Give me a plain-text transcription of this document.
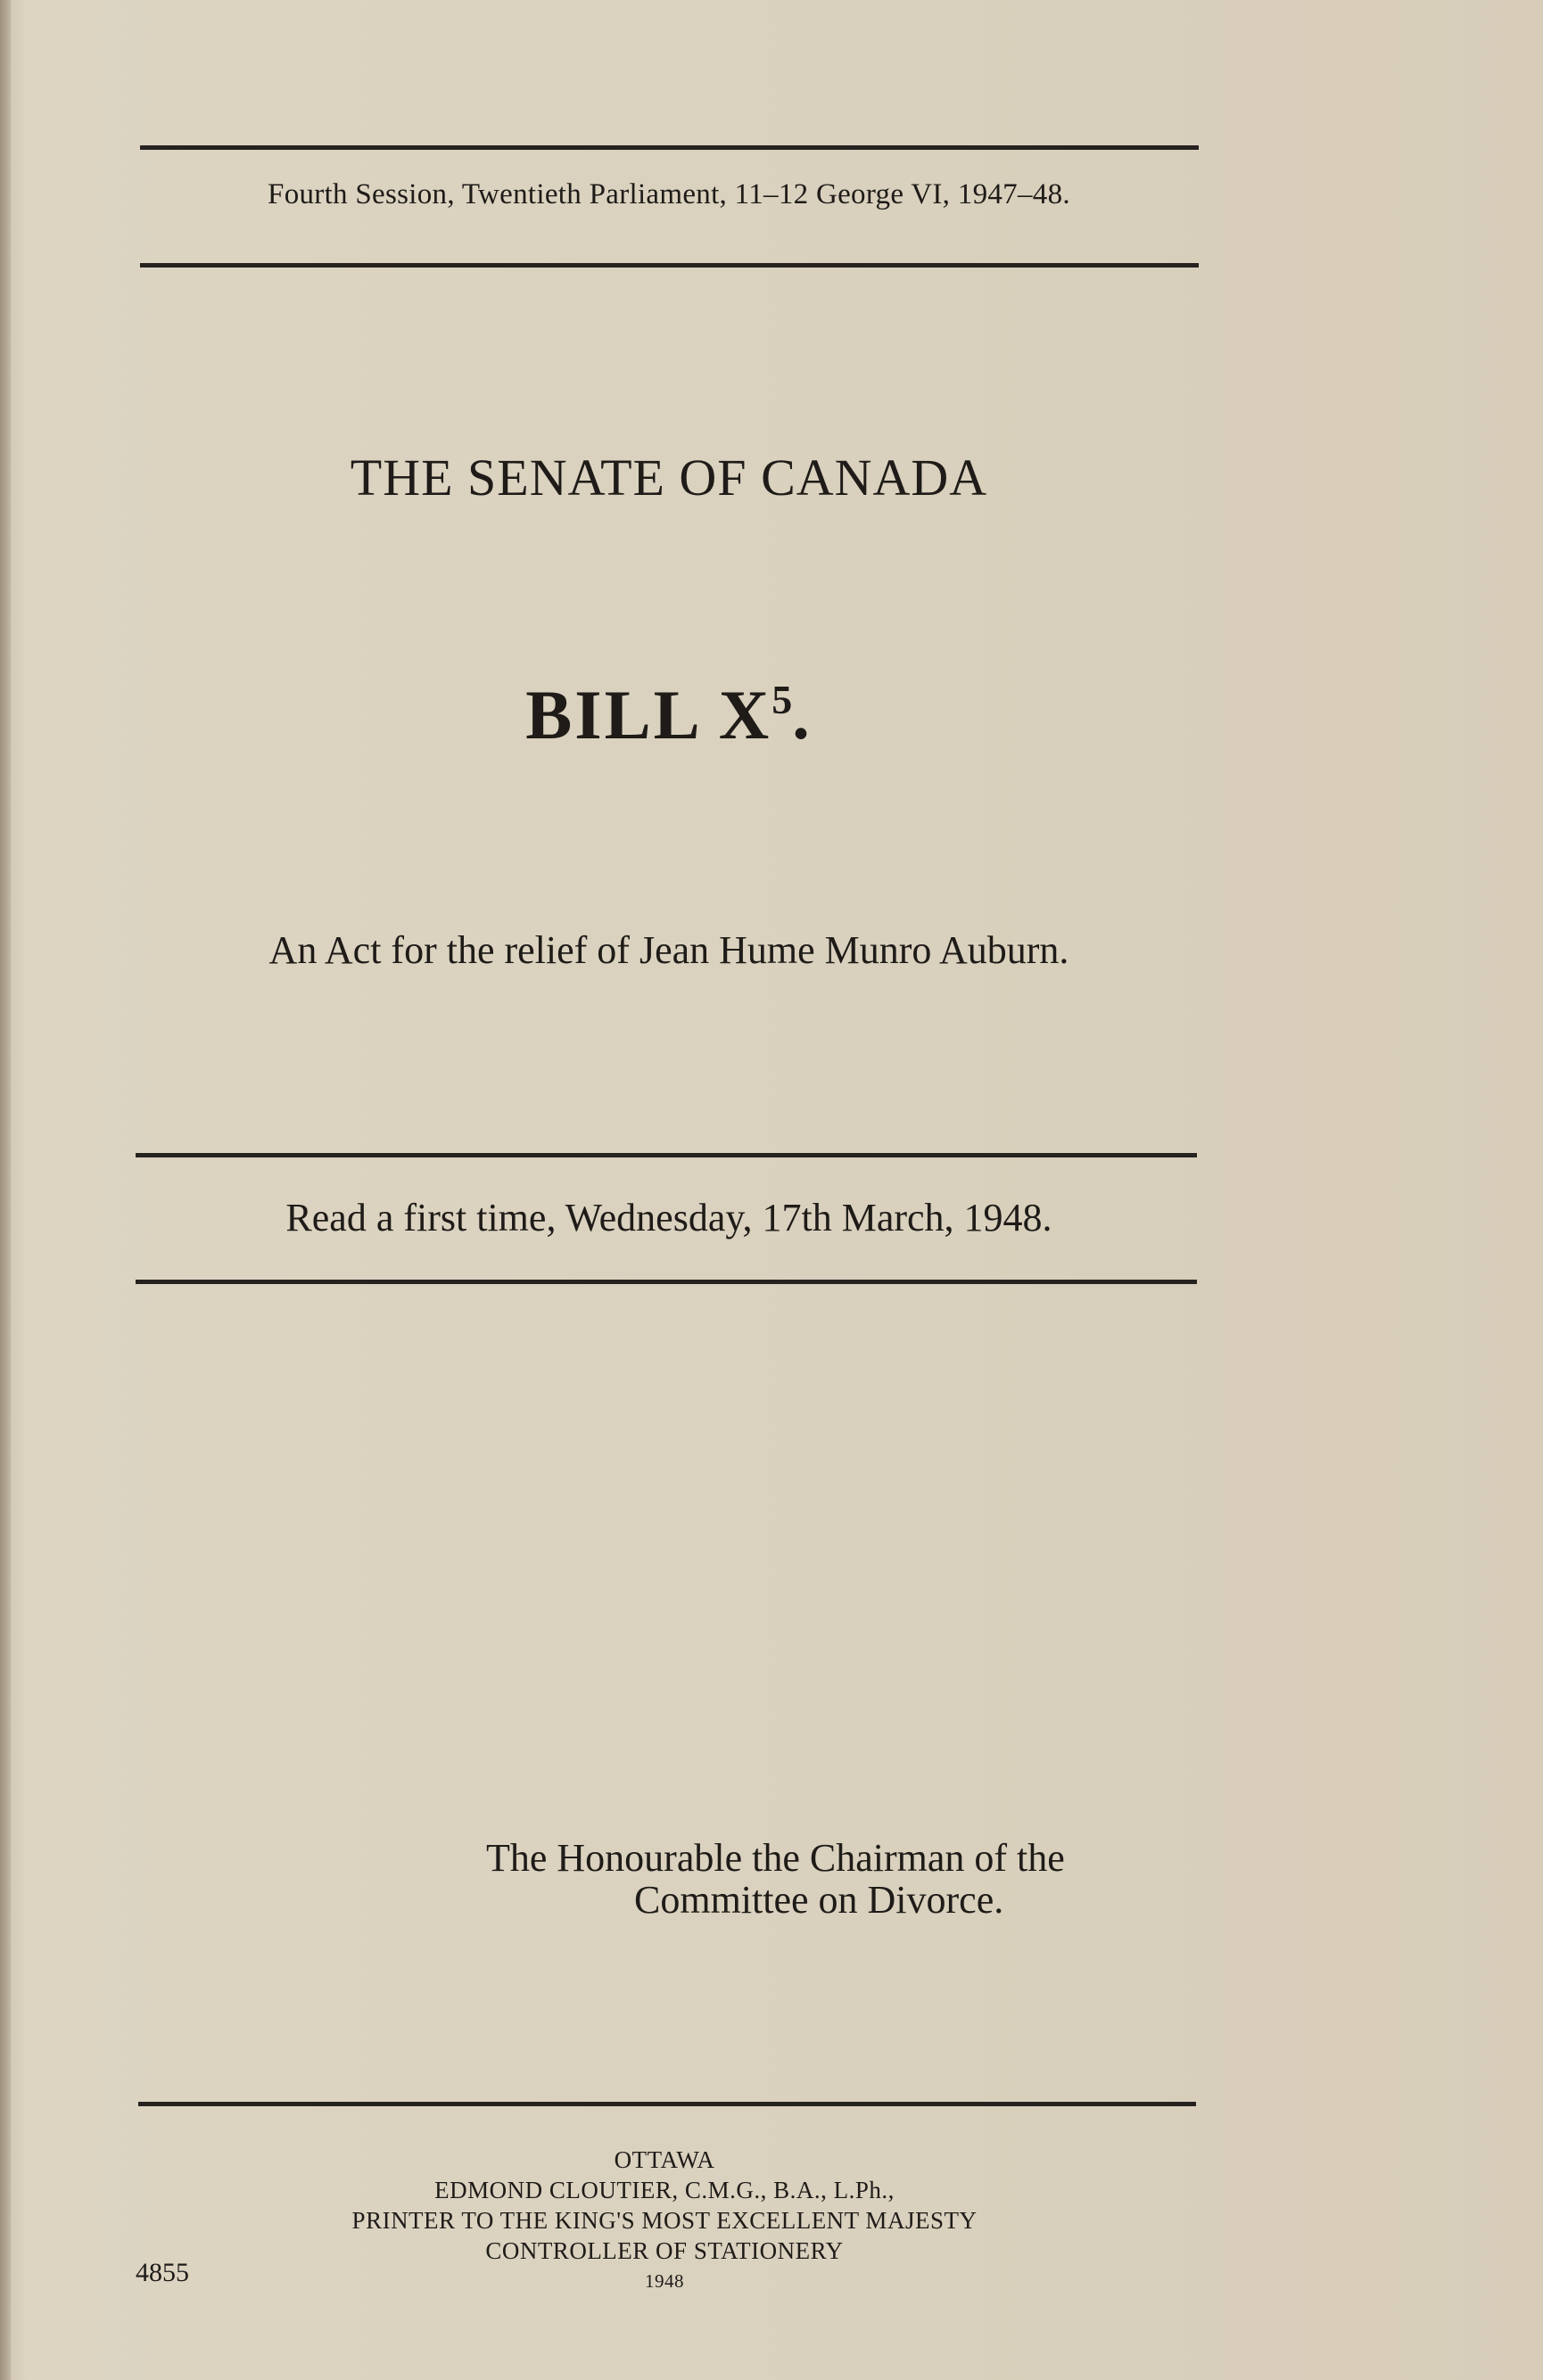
Fourth Session, Twentieth Parliament, 11–12 George VI, 1947–48.
THE SENATE OF CANADA
BILL $X^5$.
An Act for the relief of Jean Hume Munro Auburn.
Read a first time, Wednesday, 17th March, 1948.
The Honourable the Chairman of the
Committee on Divorce.
OTTAWA
EDMOND CLOUTIER, C.M.G., B.A., L.Ph.,
PRINTER TO THE KING'S MOST EXCELLENT MAJESTY
CONTROLLER OF STATIONERY
1948
4855
